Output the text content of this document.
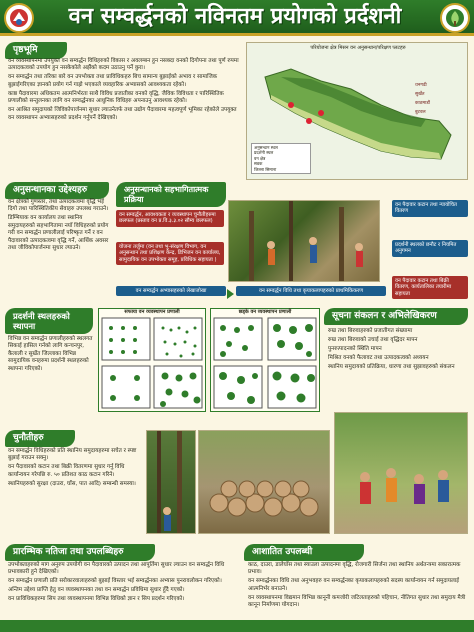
वन सम्वर्द्धनको नविनतम प्रयोगको प्रर्दशनी
पृष्ठभूमि

वन व्यवस्थापनमा उपयुक्त वन सम्वर्द्धन विधिहरुको विकास र अवलम्बन हुन नसक्दा वनको दिगोपना तथा पूर्ण रुपमा उत्पादकत्वको उपयोग हुन नसकेकोले अझैंको कदम उठाउनु पर्ने कुरा।

वन सम्वर्द्धन तथा तरिका बारे वन उपभोक्ता तथा प्राविधिकहरु बिच सामान्य बुझाईको अभाव र सामाजिक बुझाईगरिएका ज्ञानको प्रयोग गर्न गाह्रो भएकाले व्यवहारिक अभ्यासको आवश्यकता रहेको।

काष्ठ पैदावारमा अधिकतम आत्मनिर्भरता साथै विविध प्रजातीका वनको वृद्धि, जैविक विविधता र पारिस्थितिक प्रणालीको सन्तुलनका लागि वन सम्वर्द्धनका आधुनिक विधिहरु अपनाउनु आवश्यक रहेको।

वन आश्रित समुदायको जिविकोपार्जनमा सुधार ल्याउनेतर्फ तथा उद्योग पैदावारमा महत्वपूर्ण भूमिका रहेकोले उपयुक्त वन व्यवस्थापन अभ्यासहरुको प्रदर्शन गर्नुपर्ने देखिएको।

परियोजना क्षेत्र मिसन वन अनुसन्धान/परिक्षण प्लटहरु
धनगढी
सुर्खेत
काठमाडौं
बुटवल
अनुसन्धान स्थल
प्रदर्शनी स्थल
वन क्षेत्र
सडक
जिल्ला सिमाना
अनुसन्धानका उद्देश्यहरु

वन क्षेत्रको गुणस्तर, तथा उत्पादकत्वमा वृद्धि भई दिगो तथा पारिस्थितिकीय सेवाहरु उपलब्ध गराउने।

डिम्भियाक वन कार्यालय तथा स्थानिय समुदायहरुको सहभागितामा नयाँ विधिहरुको प्रयोग गरी वन सम्वर्द्धन प्रणालीलाई परिष्कृत गर्ने र वन पैदावारको उत्पादकत्वमा वृद्धि गर्ने, आर्थिक अवसर तथा जीविकोपार्जनमा सुधार ल्याउने।

अनुसन्धानको सहभागितात्मक प्रक्रिया
वन सम्वर्द्धन, आवश्यकता र व्यवस्थापन चुनौतीहरुमा छलफल (प्रस्ताव वन प्र.वि.३.३.०२ सौम्य छलफल)
योजना तर्जुमा (वन तथा भू-संरक्षण विभाग, वन अनुसन्धान तथा प्रशिक्षण केन्द्र, डिभिजन वन कार्यालय, सामुदायिक वन उपभोक्ता समूह, प्रविधिक सहायता )
वन सम्वर्द्धन अभ्यासहरुको लेखाजोखा	वन सम्वर्द्धन विधि तथा कृयाकलापहरुको प्राथमिकिकरण
वन पैदावार कटान तथा न्यायोचित वितरण
प्रदर्शनी स्थलको छनौट र नियमित अनुगमन
वन पैदावार कटान तथा बिक्री वितरण, कार्यतालिका तयारीमा सहायता
प्रदर्शनी स्थलहरुको स्थापना
विभिन्न वन सम्वर्द्धन प्रणालीहरुको स्थलगत सिकाई हासिल गर्नको लागि कन्चनपुर, कैलाली र सुर्खेत जिल्लाका विभिन्न सामुदायिक वनहरुमा प्रदर्शनी स्थलहरुको स्थापना गरिएको।
सफाया वन व्यवस्थापन प्रणाली	छड्के वन व्यवस्थापन प्रणाली	सूचना संकलन र अभिलेखिकरण

रुख तथा बिरुवाहरुको प्रजातीगत संख्यामा

रुख तथा बिरुवाको उचाई तथा वृद्धिदर मापन

पुनरुत्पादनको स्थिति मापन

मिश्रित वनको फैलावट तथा उत्पादकत्वको अध्ययन

स्थानिय समुदायको प्रतिक्रिया, धारणा तथा सुझावहरुको संकलन

चुनौतीहरु

वन सम्वर्द्धन विधिहरुको प्रति स्थानिय समुदायहरुमा सचेत र स्पष्ट बुझाई गराउन सक्नु।

वन पैदावारको कटान तथा बिक्री वितरणमा सुधार गर्नु विधि कार्यान्वयन गरेपछि रु. ५० प्रतिशत काठ कटान गरिने।

स्थानियहरुको सुरक्षा (दाउरा, घाँस, पात आदि) सम्बन्धी समस्या।

प्रारम्भिक नतिजा तथा उपलब्धिहरु

उपभोक्ताहरुको माग अनुरुप उपयोगी वन पैदावारको उत्पादन तथा आपूर्तिमा सुधार ल्याउन वन सम्वर्द्धन विधि प्रभावकारी हुने देखिएको।

वन सम्वर्द्धन प्रणाली प्रति सरोकारवालाहरुको बुझाई विस्तार भई सम्वर्द्धनका अभ्यास पुनरावलोकन गरिएको।

अन्तिम उद्देश्य प्राप्ति हेतु वन व्यवस्थापनका तथा वन सम्वर्द्धन प्रविधिमा सुधार हुँदै गएको।

वन प्राविधिकहरुमा सिप तथा व्यवस्थापनमा विभिन्न विधिको ज्ञान र सिप प्रदर्शन गरिएको।

आशातित उपलब्धी

काठ, दाउरा, डालेघाँस तथा स्याउला उत्पादनमा वृद्धि, रोजगारी सिर्जना तथा स्थानिय अर्थतन्त्रमा सकारात्मक प्रभाव।

वन सम्वर्द्धनका विधि तथा अनुभवहरु वन सम्वर्द्धनका कृयाकलापहरुको सदस्य कार्यान्वयन गर्न समुदायलाई आत्मनिर्भर बनाउने।

वन व्यवस्थापनमा विद्यमान विभिन्न कानूनी कमजोरी जटिलताहरुको पहिचान, नीतिगत सुधार तथा समुदाय मैत्री कानून निर्माणमा योगदान।
